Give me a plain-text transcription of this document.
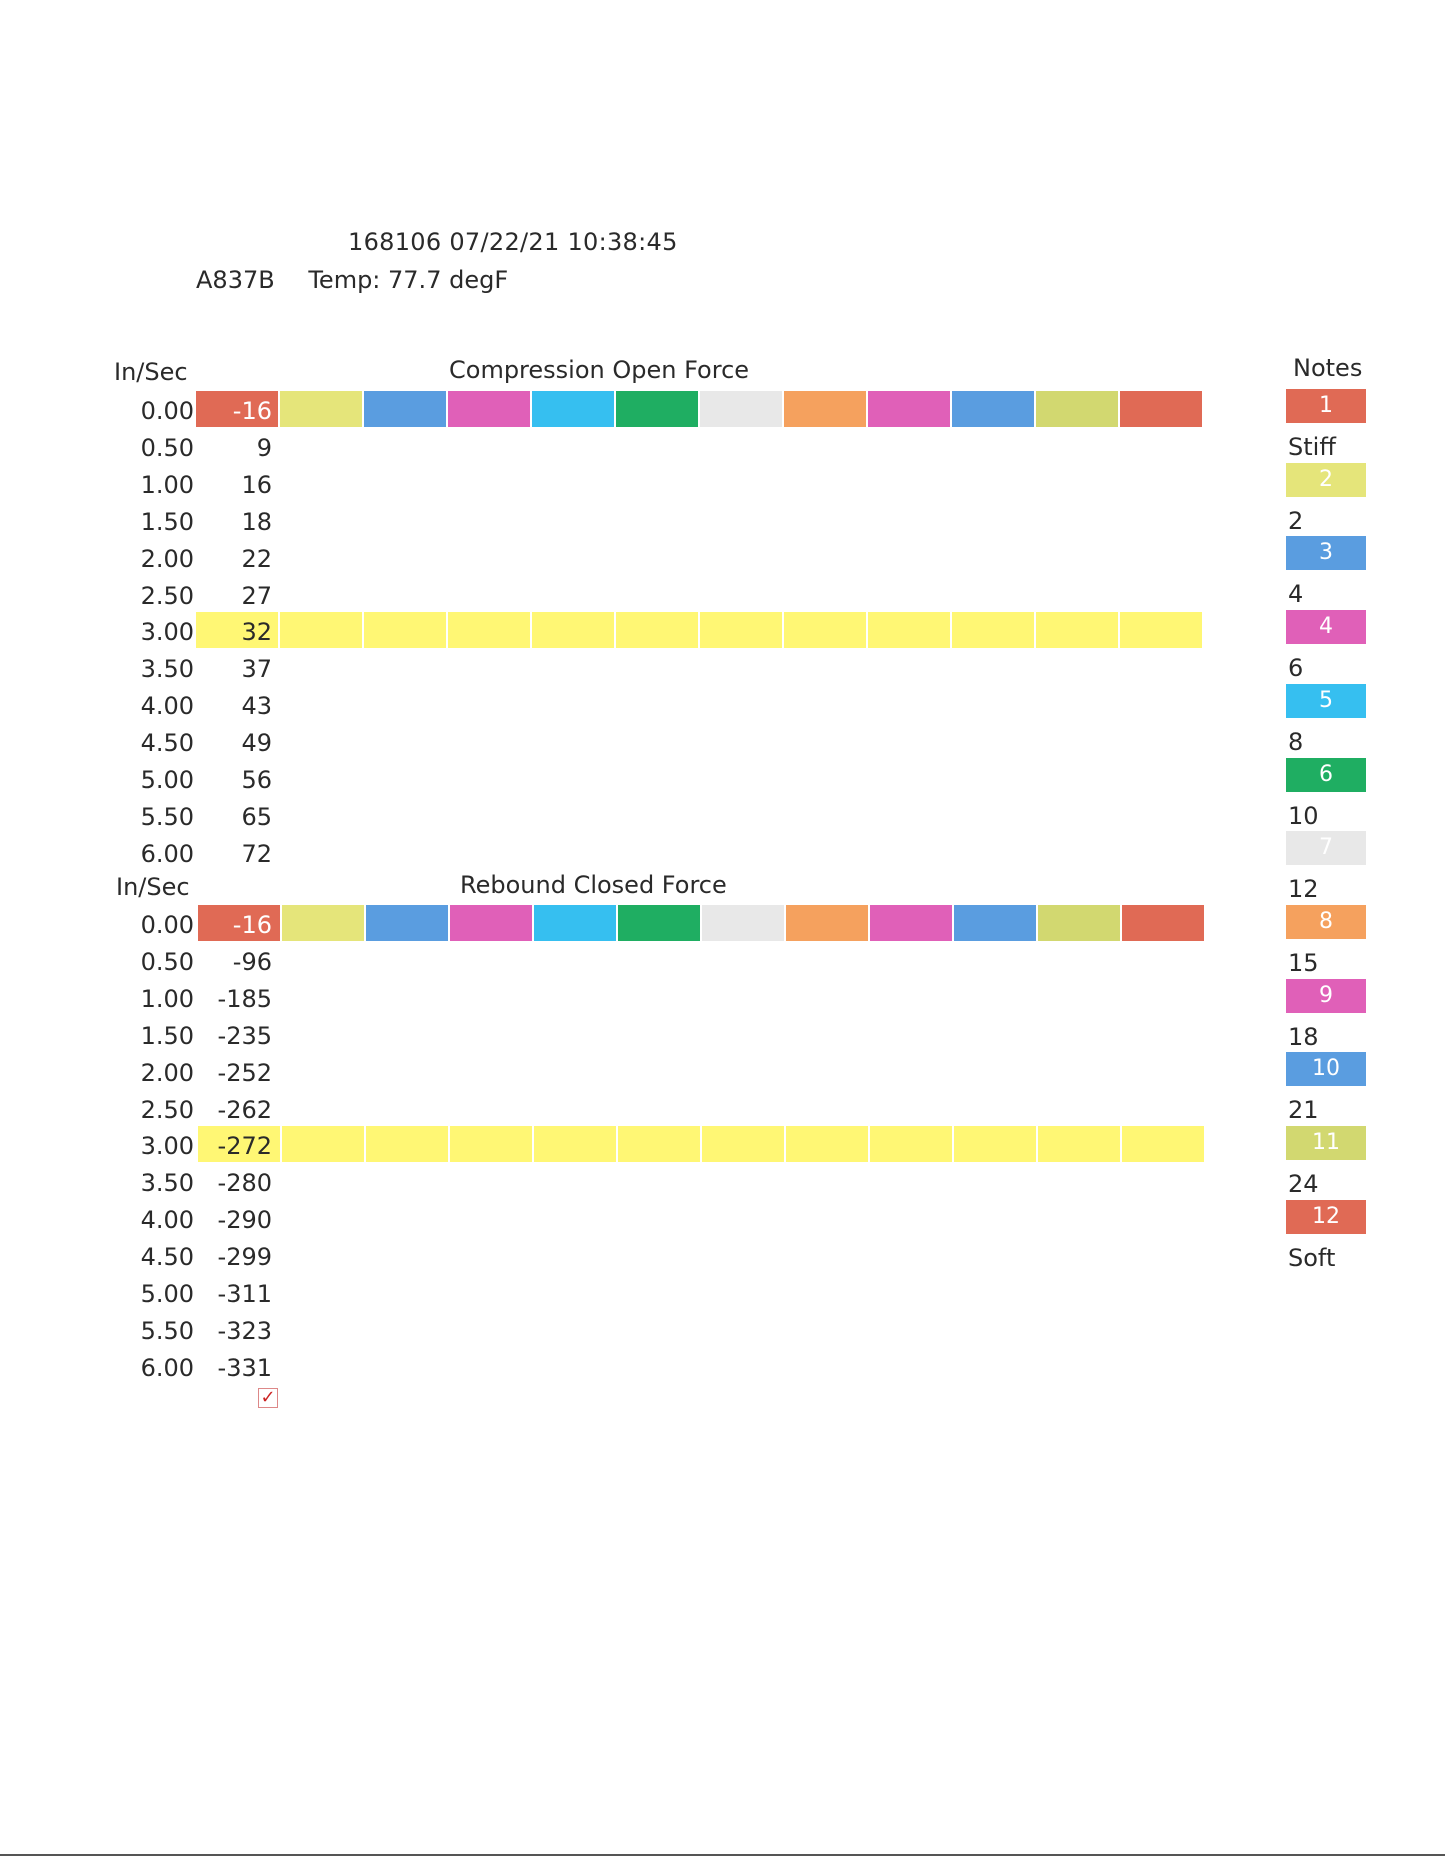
168106 07/22/21 10:38:45
A837B Temp: 77.7 degF
In/Sec	Compression Open Force
In/Sec	Rebound Closed Force
Notes
✓
0.00	-16
0.50	9
1.00	16
1.50	18
2.00	22
2.50	27
3.00	32
3.50	37
4.00	43
4.50	49
5.00	56
5.50	65
6.00	72
0.00	-16
0.50	-96
1.00 -185
1.50 -235
2.00 -252
2.50 -262
3.00 -272
3.50 -280
4.00 -290
4.50 -299
5.00 -311
5.50 -323
6.00 -331
1
Stiff
2
2
3
4
4
6
5
8
6
10
7
12
8
15
9
18
10
21
11
24
12
Soft
